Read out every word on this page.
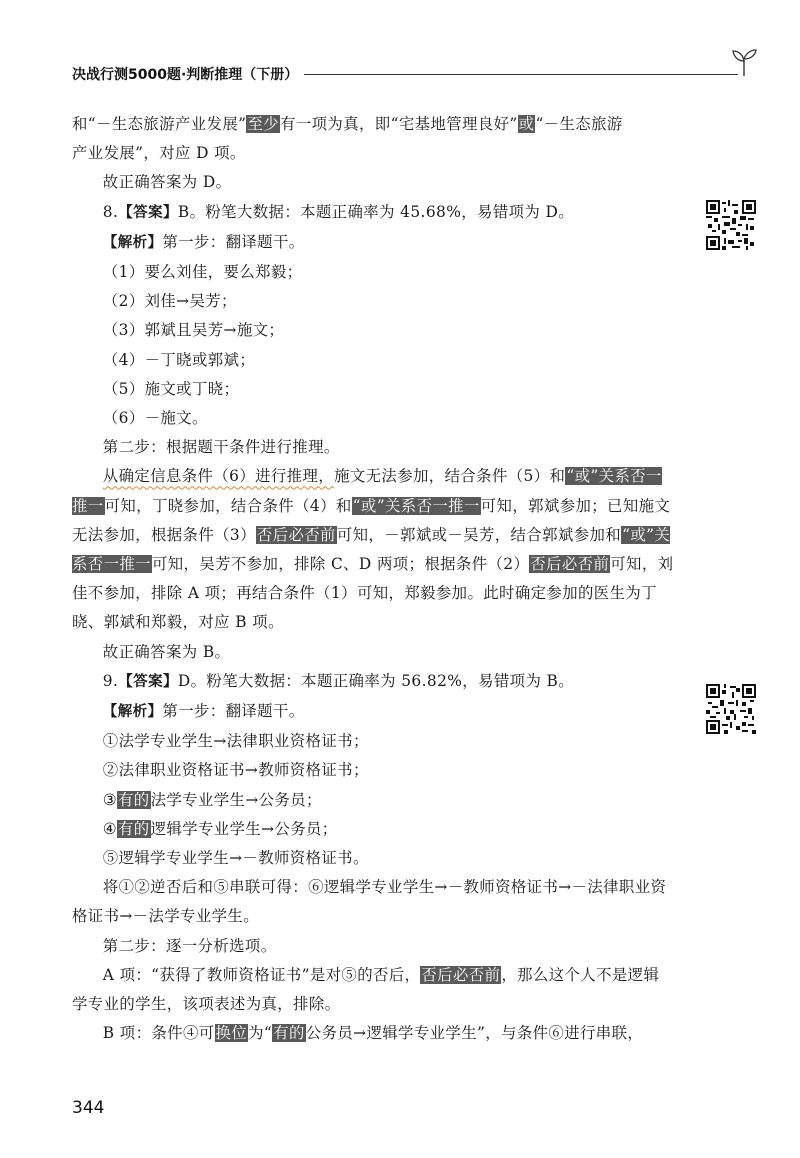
决战行测5000题·判断推理（下册）

和“－生态旅游产业发展”至少有一项为真，即“宅基地管理良好”或“－生态旅游

产业发展”，对应 D 项。

故正确答案为 D。

8.【答案】B。粉笔大数据：本题正确率为 45.68%，易错项为 D。

【解析】第一步：翻译题干。

（1）要么刘佳，要么郑毅；

（2）刘佳→吴芳；

（3）郭斌且吴芳→施文；

（4）－丁晓或郭斌；

（5）施文或丁晓；

（6）－施文。

第二步：根据题干条件进行推理。

从确定信息条件（6）进行推理，施文无法参加，结合条件（5）和“或”关系否一推一可知，丁晓参加，结合条件（4）和“或”关系否一推一可知，郭斌参加；已知施文无法参加，根据条件（3）否后必否前可知，－郭斌或－吴芳，结合郭斌参加和“或”关系否一推一可知，吴芳不参加，排除 C、D 两项；根据条件（2）否后必否前可知，刘佳不参加，排除 A 项；再结合条件（1）可知，郑毅参加。此时确定参加的医生为丁晓、郭斌和郑毅，对应 B 项。

故正确答案为 B。

9.【答案】D。粉笔大数据：本题正确率为 56.82%，易错项为 B。

【解析】第一步：翻译题干。

①法学专业学生→法律职业资格证书；

②法律职业资格证书→教师资格证书；

③有的法学专业学生→公务员；

④有的逻辑学专业学生→公务员；

⑤逻辑学专业学生→－教师资格证书。

将①②逆否后和⑤串联可得：⑥逻辑学专业学生→－教师资格证书→－法律职业资格证书→－法学专业学生。

第二步：逐一分析选项。

A 项：“获得了教师资格证书”是对⑤的否后，否后必否前，那么这个人不是逻辑学专业的学生，该项表述为真，排除。

B 项：条件④可换位为“有的公务员→逻辑学专业学生”，与条件⑥进行串联，

344
